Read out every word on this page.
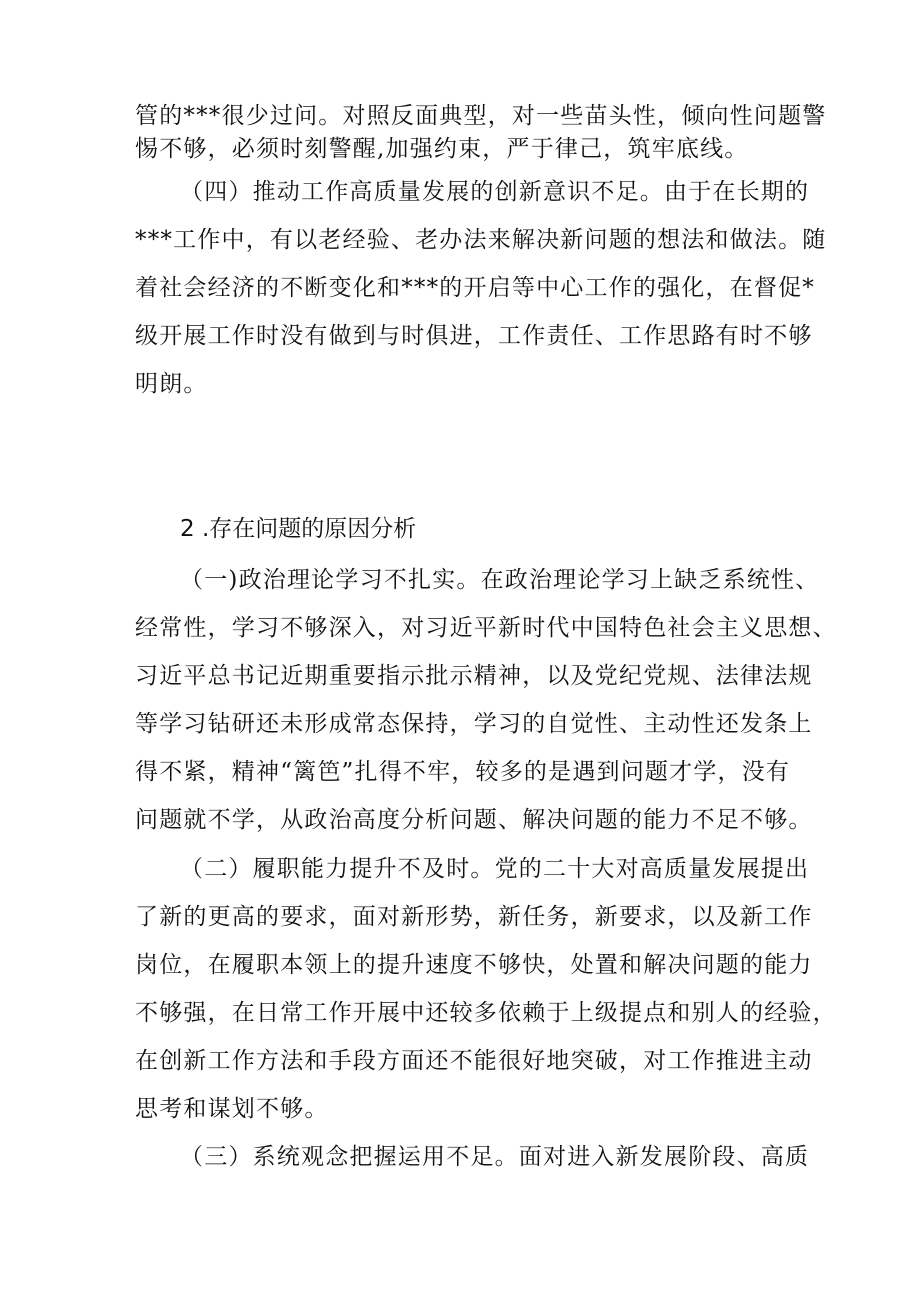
管的***很少过问。对照反面典型，对一些苗头性，倾向性问题警
惕不够，必须时刻警醒,加强约束，严于律己，筑牢底线。
（四）推动工作高质量发展的创新意识不足。由于在长期的
***工作中，有以老经验、老办法来解决新问题的想法和做法。随
着社会经济的不断变化和***的开启等中心工作的强化，在督促*
级开展工作时没有做到与时俱进，工作责任、工作思路有时不够
明朗。
2 .存在问题的原因分析
（一)政治理论学习不扎实。在政治理论学习上缺乏系统性、
经常性，学习不够深入，对习近平新时代中国特色社会主义思想、
习近平总书记近期重要指示批示精神，以及党纪党规、法律法规
等学习钻研还未形成常态保持，学习的自觉性、主动性还发条上
得不紧，精神“篱笆”扎得不牢，较多的是遇到问题才学，没有
问题就不学，从政治高度分析问题、解决问题的能力不足不够。
（二）履职能力提升不及时。党的二十大对高质量发展提出
了新的更高的要求，面对新形势，新任务，新要求，以及新工作
岗位，在履职本领上的提升速度不够快，处置和解决问题的能力
不够强，在日常工作开展中还较多依赖于上级提点和别人的经验，
在创新工作方法和手段方面还不能很好地突破，对工作推进主动
思考和谋划不够。
（三）系统观念把握运用不足。面对进入新发展阶段、高质
